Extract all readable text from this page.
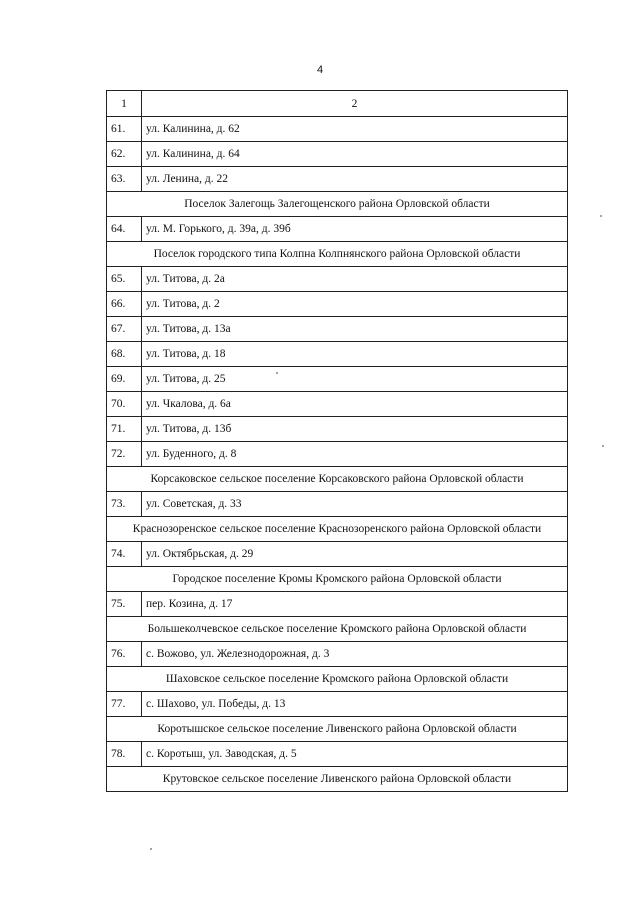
4
1	2
61.	ул. Калинина, д. 62
62.	ул. Калинина, д. 64
63.	ул. Ленина, д. 22
Поселок Залегощь Залегощенского района Орловской области	
64.	ул. М. Горького, д. 39а, д. 39б
Поселок городского типа Колпна Колпнянского района Орловской области	
65.	ул. Титова, д. 2а
66.	ул. Титова, д. 2
67.	ул. Титова, д. 13а
68.	ул. Титова, д. 18
69.	ул. Титова, д. 25
70.	ул. Чкалова, д. 6а
71.	ул. Титова, д. 13б
72.	ул. Буденного, д. 8
Корсаковское сельское поселение Корсаковского района Орловской области	
73.	ул. Советская, д. 33
Краснозоренское сельское поселение Краснозоренского района Орловской области	
74.	ул. Октябрьская, д. 29
Городское поселение Кромы Кромского района Орловской области	
75.	пер. Козина, д. 17
Большеколчевское сельское поселение Кромского района Орловской области	
76.	с. Вожово, ул. Железнодорожная, д. 3
Шаховское сельское поселение Кромского района Орловской области	
77.	с. Шахово, ул. Победы, д. 13
Коротышское сельское поселение Ливенского района Орловской области	
78.	с. Коротыш, ул. Заводская, д. 5
Крутовское сельское поселение Ливенского района Орловской области	
